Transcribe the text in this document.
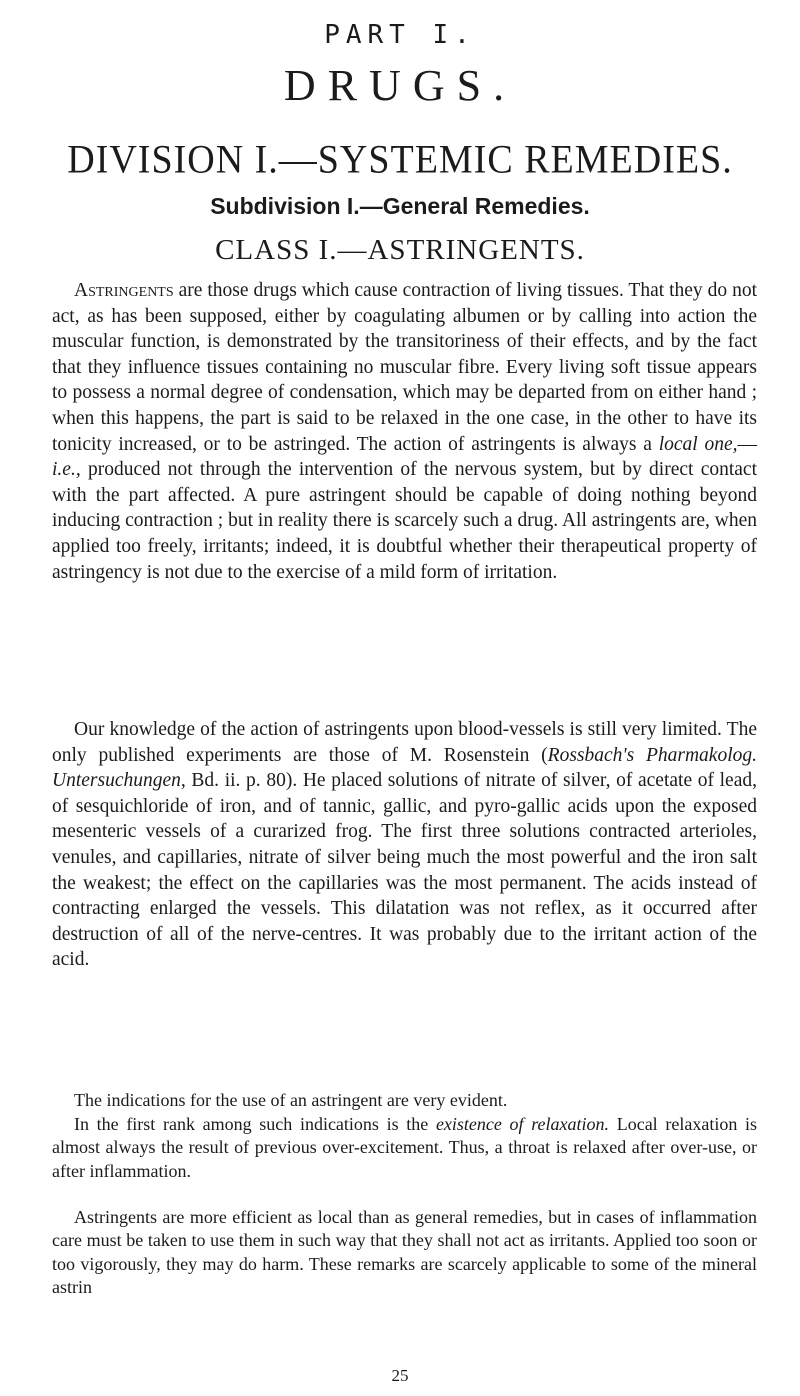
PART I.
DRUGS.
DIVISION I.—SYSTEMIC REMEDIES.
Subdivision I.—General Remedies.
CLASS I.—ASTRINGENTS.

Astringents are those drugs which cause contraction of living tissues. That they do not act, as has been supposed, either by coagulating albumen or by calling into action the muscular function, is demonstrated by the transitoriness of their effects, and by the fact that they influence tissues containing no muscular fibre. Every living soft tissue appears to possess a normal degree of condensation, which may be departed from on either hand ; when this happens, the part is said to be relaxed in the one case, in the other to have its tonicity increased, or to be astringed. The action of astringents is always a local one,—i.e., produced not through the intervention of the nervous system, but by direct contact with the part affected. A pure astringent should be capable of doing nothing beyond inducing contraction ; but in reality there is scarcely such a drug. All astringents are, when applied too freely, irritants; indeed, it is doubtful whether their therapeutical property of astringency is not due to the exercise of a mild form of irritation.

Our knowledge of the action of astringents upon blood-vessels is still very limited. The only published experiments are those of M. Rosenstein (Rossbach's Pharmakolog. Untersuchungen, Bd. ii. p. 80). He placed solutions of nitrate of silver, of acetate of lead, of sesquichloride of iron, and of tannic, gallic, and pyro-gallic acids upon the exposed mesenteric vessels of a curarized frog. The first three solutions contracted arterioles, venules, and capillaries, nitrate of silver being much the most powerful and the iron salt the weakest; the effect on the capillaries was the most permanent. The acids instead of contracting enlarged the vessels. This dilatation was not reflex, as it occurred after destruction of all of the nerve-centres. It was probably due to the irritant action of the acid.

The indications for the use of an astringent are very evident.

In the first rank among such indications is the existence of relaxation. Local relaxation is almost always the result of previous over-excitement. Thus, a throat is relaxed after over-use, or after inflammation.

Astringents are more efficient as local than as general remedies, but in cases of inflammation care must be taken to use them in such way that they shall not act as irritants. Applied too soon or too vigorously, they may do harm. These remarks are scarcely applicable to some of the mineral astrin

25
